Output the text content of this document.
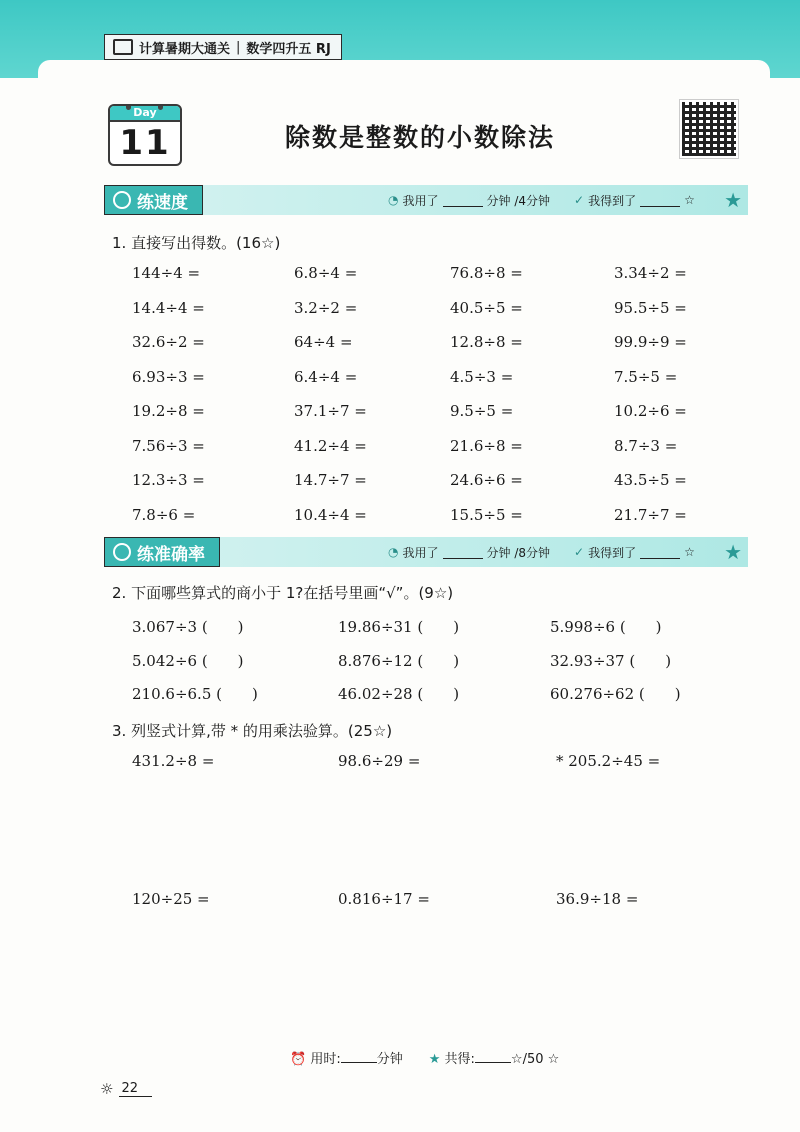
计算暑期大通关 | 数学四升五 RJ
Day
11	除数是整数的小数除法
练速度	◔ 我用了	分钟 /4分钟 ✓ 我得到了	☆ ★
1. 直接写出得数。(16☆)
144÷4 =	6.8÷4 =	76.8÷8 =	3.34÷2 =
14.4÷4 =	3.2÷2 =	40.5÷5 =	95.5÷5 =
32.6÷2 =	64÷4 =	12.8÷8 =	99.9÷9 =
6.93÷3 =	6.4÷4 =	4.5÷3 =	7.5÷5 =
19.2÷8 =	37.1÷7 =	9.5÷5 =	10.2÷6 =
7.56÷3 =	41.2÷4 =	21.6÷8 =	8.7÷3 =
12.3÷3 =	14.7÷7 =	24.6÷6 =	43.5÷5 =
7.8÷6 =	10.4÷4 =	15.5÷5 =	21.7÷7 =
练准确率	◔ 我用了	分钟 /8分钟 ✓ 我得到了	☆ ★
2. 下面哪些算式的商小于 1?在括号里画“√”。(9☆)
3.067÷3 (　　)	19.86÷31 (　　)	5.998÷6 (　　)
5.042÷6 (　　)	8.876÷12 (　　)	32.93÷37 (　　)
210.6÷6.5 (　　)	46.02÷28 (　　)	60.276÷62 (　　)
3. 列竖式计算,带 * 的用乘法验算。(25☆)
431.2÷8 =	98.6÷29 =	* 205.2÷45 =
120÷25 =	0.816÷17 =	36.9÷18 =
⏰ 用时:	分钟 ★ 共得:	☆/50 ☆
☼ 22
